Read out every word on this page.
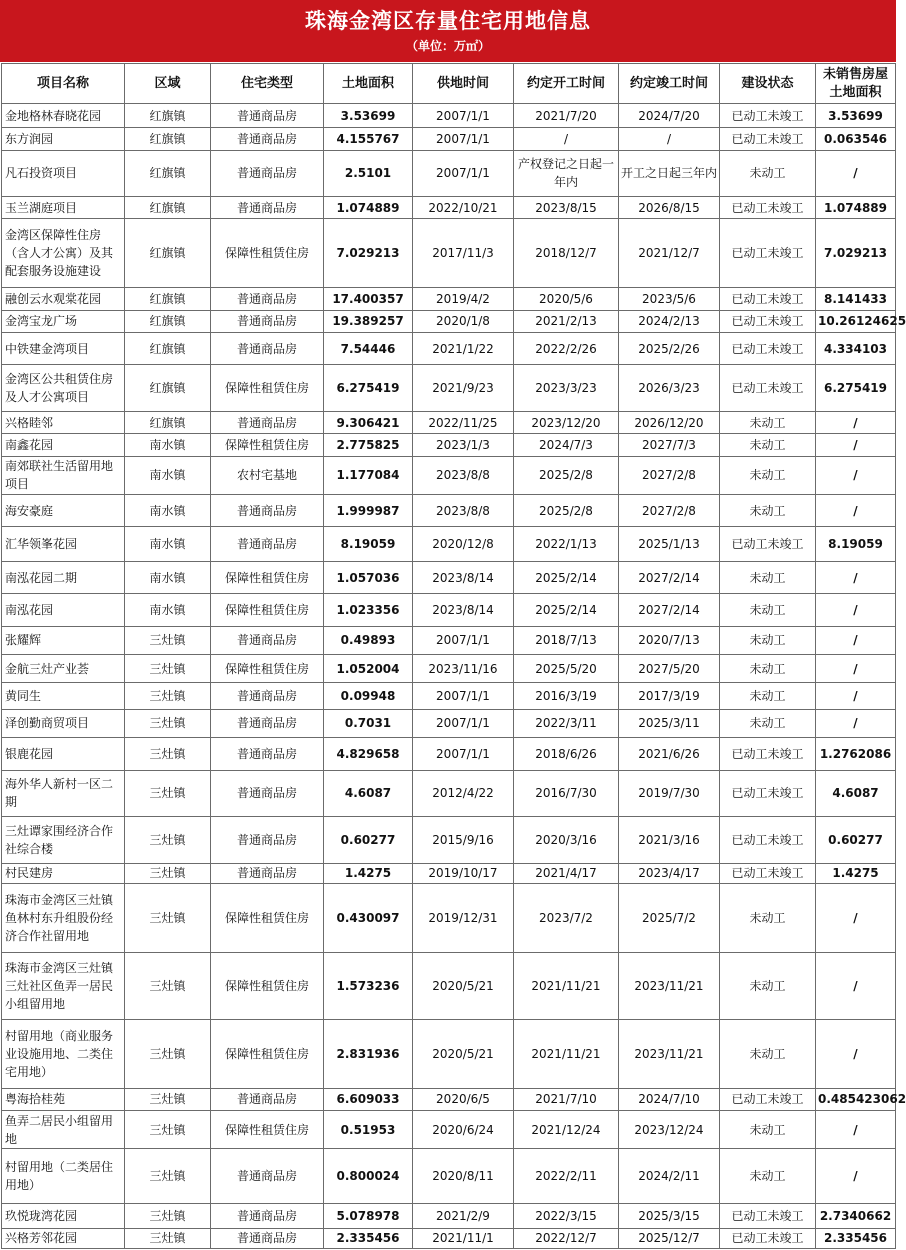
珠海金湾区存量住宅用地信息
（单位：万㎡）
项目名称	区域	住宅类型	土地面积	供地时间	约定开工时间	约定竣工时间	建设状态	未销售房屋土地面积
金地格林春晓花园	红旗镇	普通商品房	3.53699	2007/1/1	2021/7/20	2024/7/20	已动工未竣工	3.53699
东方润园	红旗镇	普通商品房	4.155767	2007/1/1	/	/	已动工未竣工	0.063546
凡石投资项目	红旗镇	普通商品房	2.5101	2007/1/1	产权登记之日起一年内	开工之日起三年内	未动工	/
玉兰湖庭项目	红旗镇	普通商品房	1.074889	2022/10/21	2023/8/15	2026/8/15	已动工未竣工	1.074889
金湾区保障性住房（含人才公寓）及其配套服务设施建设	红旗镇	保障性租赁住房	7.029213	2017/11/3	2018/12/7	2021/12/7	已动工未竣工	7.029213
融创云水观棠花园	红旗镇	普通商品房	17.400357	2019/4/2	2020/5/6	2023/5/6	已动工未竣工	8.141433
金湾宝龙广场	红旗镇	普通商品房	19.389257	2020/1/8	2021/2/13	2024/2/13	已动工未竣工	10.26124625
中铁建金湾项目	红旗镇	普通商品房	7.54446	2021/1/22	2022/2/26	2025/2/26	已动工未竣工	4.334103
金湾区公共租赁住房及人才公寓项目	红旗镇	保障性租赁住房	6.275419	2021/9/23	2023/3/23	2026/3/23	已动工未竣工	6.275419
兴格睦邻	红旗镇	普通商品房	9.306421	2022/11/25	2023/12/20	2026/12/20	未动工	/
南鑫花园	南水镇	保障性租赁住房	2.775825	2023/1/3	2024/7/3	2027/7/3	未动工	/
南郊联社生活留用地项目	南水镇	农村宅基地	1.177084	2023/8/8	2025/2/8	2027/2/8	未动工	/
海安豪庭	南水镇	普通商品房	1.999987	2023/8/8	2025/2/8	2027/2/8	未动工	/
汇华领峯花园	南水镇	普通商品房	8.19059	2020/12/8	2022/1/13	2025/1/13	已动工未竣工	8.19059
南泓花园二期	南水镇	保障性租赁住房	1.057036	2023/8/14	2025/2/14	2027/2/14	未动工	/
南泓花园	南水镇	保障性租赁住房	1.023356	2023/8/14	2025/2/14	2027/2/14	未动工	/
张耀辉	三灶镇	普通商品房	0.49893	2007/1/1	2018/7/13	2020/7/13	未动工	/
金航三灶产业荟	三灶镇	保障性租赁住房	1.052004	2023/11/16	2025/5/20	2027/5/20	未动工	/
黄同生	三灶镇	普通商品房	0.09948	2007/1/1	2016/3/19	2017/3/19	未动工	/
泽创勤商贸项目	三灶镇	普通商品房	0.7031	2007/1/1	2022/3/11	2025/3/11	未动工	/
银鹿花园	三灶镇	普通商品房	4.829658	2007/1/1	2018/6/26	2021/6/26	已动工未竣工	1.2762086
海外华人新村一区二期	三灶镇	普通商品房	4.6087	2012/4/22	2016/7/30	2019/7/30	已动工未竣工	4.6087
三灶谭家围经济合作社综合楼	三灶镇	普通商品房	0.60277	2015/9/16	2020/3/16	2021/3/16	已动工未竣工	0.60277
村民建房	三灶镇	普通商品房	1.4275	2019/10/17	2021/4/17	2023/4/17	已动工未竣工	1.4275
珠海市金湾区三灶镇鱼林村东升组股份经济合作社留用地	三灶镇	保障性租赁住房	0.430097	2019/12/31	2023/7/2	2025/7/2	未动工	/
珠海市金湾区三灶镇三灶社区鱼弄一居民小组留用地	三灶镇	保障性租赁住房	1.573236	2020/5/21	2021/11/21	2023/11/21	未动工	/
村留用地（商业服务业设施用地、二类住宅用地）	三灶镇	保障性租赁住房	2.831936	2020/5/21	2021/11/21	2023/11/21	未动工	/
粤海拾桂苑	三灶镇	普通商品房	6.609033	2020/6/5	2021/7/10	2024/7/10	已动工未竣工	0.485423062
鱼弄二居民小组留用地	三灶镇	保障性租赁住房	0.51953	2020/6/24	2021/12/24	2023/12/24	未动工	/
村留用地（二类居住用地）	三灶镇	普通商品房	0.800024	2020/8/11	2022/2/11	2024/2/11	未动工	/
玖悦珑湾花园	三灶镇	普通商品房	5.078978	2021/2/9	2022/3/15	2025/3/15	已动工未竣工	2.7340662
兴格芳邻花园	三灶镇	普通商品房	2.335456	2021/11/1	2022/12/7	2025/12/7	已动工未竣工	2.335456
